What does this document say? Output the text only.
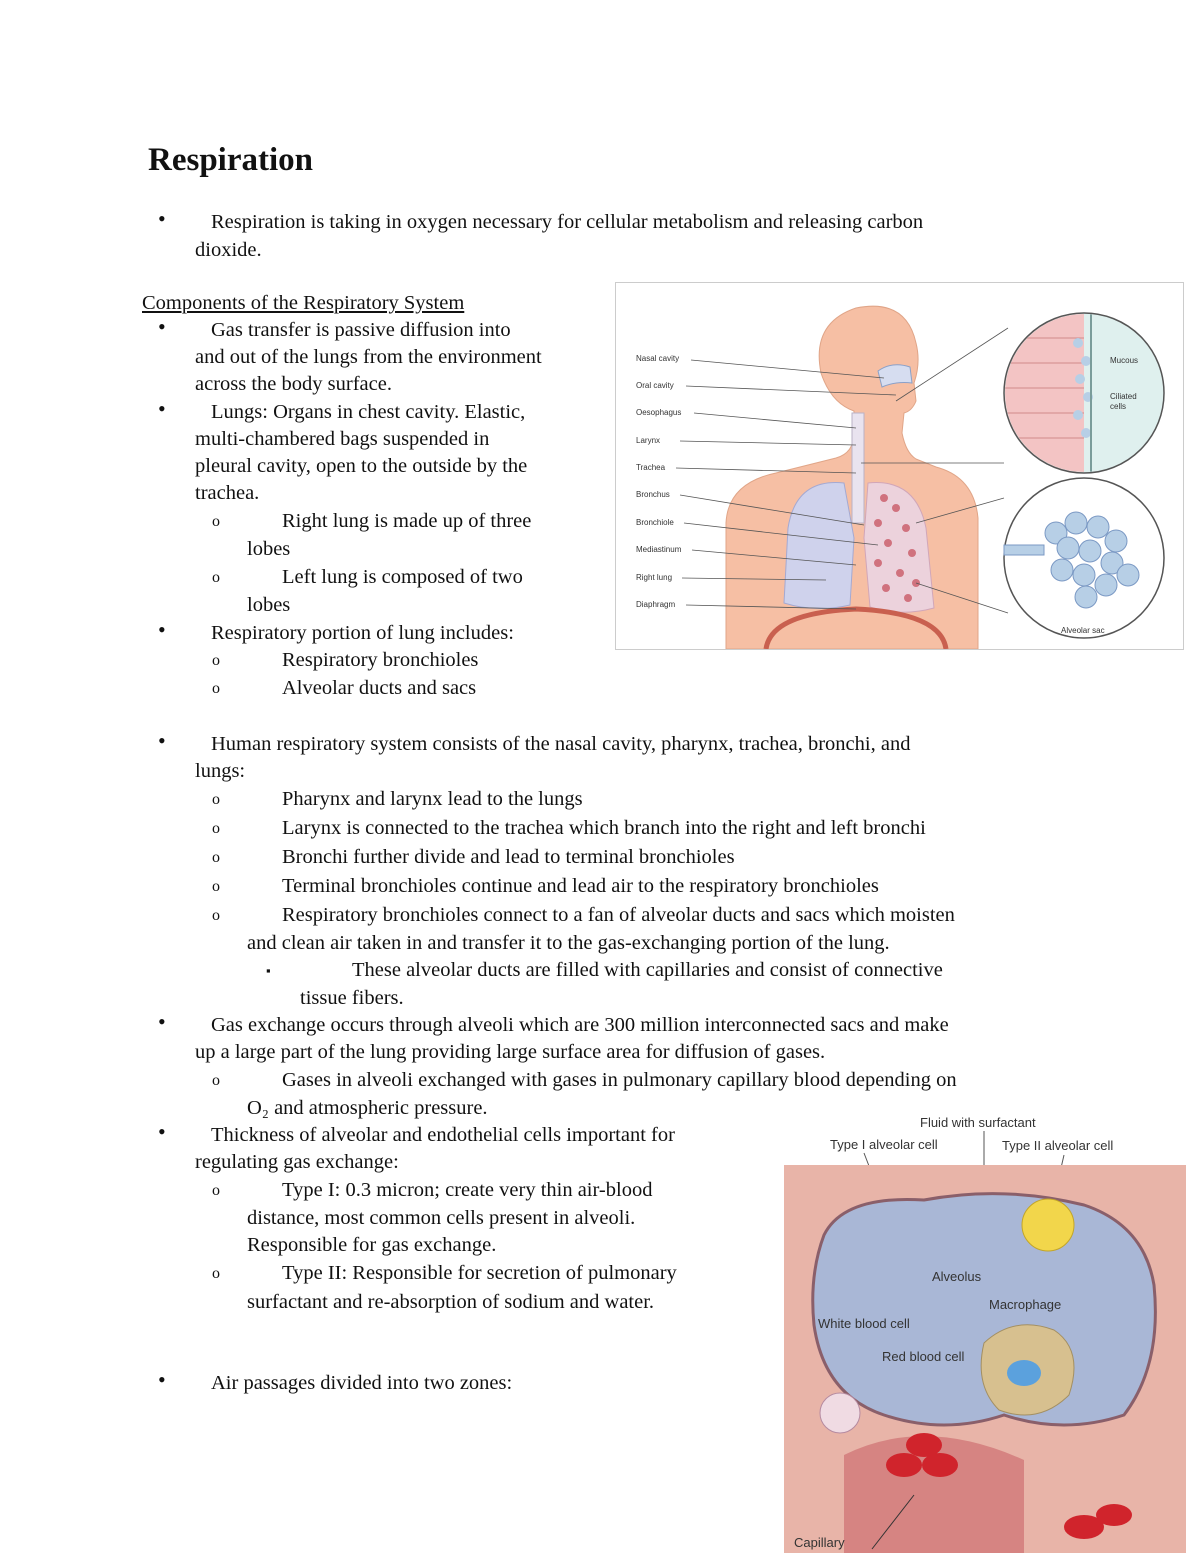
Respiration
• Respiration is taking in oxygen necessary for cellular metabolism and releasing carbon
dioxide.
Components of the Respiratory System
• Gas transfer is passive diffusion into
and out of the lungs from the environment
across the body surface.
• Lungs: Organs in chest cavity. Elastic,
multi-chambered bags suspended in
pleural cavity, open to the outside by the
trachea.
o	Right lung is made up of three
lobes
o	Left lung is composed of two
lobes
• Respiratory portion of lung includes:
o	Respiratory bronchioles
o	Alveolar ducts and sacs
• Human respiratory system consists of the nasal cavity, pharynx, trachea, bronchi, and
lungs:
o	Pharynx and larynx lead to the lungs
o	Larynx is connected to the trachea which branch into the right and left bronchi
o	Bronchi further divide and lead to terminal bronchioles
o	Terminal bronchioles continue and lead air to the respiratory bronchioles
o	Respiratory bronchioles connect to a fan of alveolar ducts and sacs which moisten
and clean air taken in and transfer it to the gas-exchanging portion of the lung.
▪	These alveolar ducts are filled with capillaries and consist of connective
tissue fibers.
• Gas exchange occurs through alveoli which are 300 million interconnected sacs and make
up a large part of the lung providing large surface area for diffusion of gases.
o	Gases in alveoli exchanged with gases in pulmonary capillary blood depending on
O₂ and atmospheric pressure.
• Thickness of alveolar and endothelial cells important for
regulating gas exchange:
o	Type I: 0.3 micron; create very thin air-blood
distance, most common cells present in alveoli.
Responsible for gas exchange.
o	Type II: Responsible for secretion of pulmonary
surfactant and re-absorption of sodium and water.
• Air passages divided into two zones:
Nasal cavity
Oral cavity
Oesophagus
Larynx
Trachea
Bronchus
Bronchiole
Mediastinum
Right lung
Diaphragm
Mucous
Ciliated
cells
Alveolar sac
Fluid with surfactant
Type I alveolar cell	Type II alveolar cell
Alveolus
Macrophage
White blood cell
Red blood cell
Capillary
